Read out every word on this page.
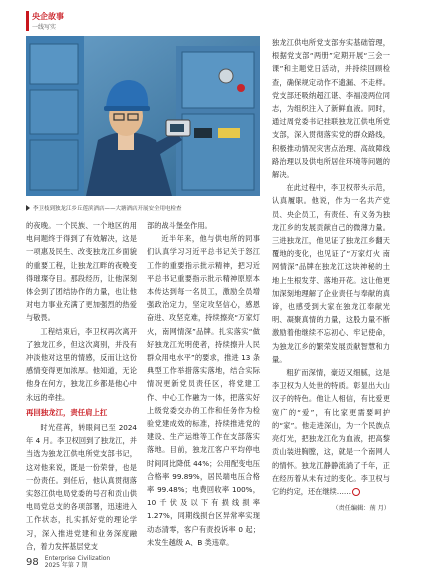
央企故事
一线写实
李卫枝到独龙江乡丘莲滨酒店——大塘酒店开展安全用电检查

的夜晚。一个民族、一个地区的用电问题终于得到了有效解决，这是一项惠及民生、改变独龙江乡面貌的重要工程，让独龙江畔的夜晚变得璀璨夺目。那段经历，让他深刻体会到了团结协作的力量，也让他对电力事业充满了更加强烈的热爱与敬畏。

工程结束后，李卫权再次离开了独龙江乡，但这次离别，并没有冲淡他对这里的情感，反而让这份感情变得更加浓厚。他知道，无论他身在何方，独龙江乡都是他心中永远的牵挂。

再回独龙江，责任肩上扛

时光荏苒，转眼间已至 2024 年 4 月。李卫权回到了独龙江，并当选为独龙江供电所党支部书记，这对他来说，既是一份荣誉，也是一份责任。到任后，他认真贯彻落实怒江供电局党委的号召和贡山供电局党总支的各项部署，迅速进入工作状态，扎实抓好党的理论学习，深入推进党建和业务深度融合，着力发挥基层党支

部的战斗堡垒作用。

近半年来，他与供电所的同事们认真学习习近平总书记关于怒江工作的重要指示批示精神，把习近平总书记重要指示批示精神原原本本传达到每一名员工，激励全员增强政治定力，坚定攻坚信心，感恩奋进、攻坚克难，持续擦亮“万家灯火，南网情深”品牌。扎实落实“做好独龙江光明使者，持续擦升人民群众用电水平”的要求，推进 13 条典型工作举措落实落地，结合实际情况更新党员责任区，将党建工作、中心工作融为一体，把落实好上级党委交办的工作和任务作为检验党建成效的标准，持续推进党的建设、生产运维等工作在支部落实落地。目前，独龙江客户平均停电时间同比降低 44%；公用配变电压合格率 99.89%，居民端电压合格率 99.48%；电费回收率 100%，10千伏及以下有损线损率 1.27%，同期线损台区异常率实现动态清零，客户有责投诉率 0 起；未发生越级 A、B 类违章。

独龙江供电所党支部夯实基础管理，根据党支部“两册”定期开展“三会一课”和主题党日活动，并持续回顾检查，确保规定动作不遗漏、不走样。党支部还吸纳超江谌、李福凌两位同志，为组织注入了新鲜血液。同时，通过周党委书记挂联独龙江供电所党支部，深入贯彻落实党的群众路线，积极推动情况灾害点治理、高故障线路治理以及供电所居住环境等问题的解决。

在此过程中，李卫权带头示范，认真履职。他说，作为一名共产党员、央企员工，有责任、有义务为独龙江乡的发展贡献自己的微薄力量。三进独龙江，他见证了独龙江乡翻天覆地的变化，也见证了“万家灯火 南网情深”品牌在独龙江这块神秘的土地上生根发芽、落地开花。这让他更加深刻地理解了企业责任与奉献的真谛，也感受到大家在独龙江奉献光明、凝聚真情的力量，这股力量不断激励着他继续不忘初心、牢记使命，为独龙江乡的繁荣发展贡献智慧和力量。

粗犷而深情，豪迈又细腻，这是李卫权为人处世的特质。彰显出大山汉子的特色。他让人相信，有比爱更宽广的“爱”，有比家更需要呵护的“家”。他走进深山，为一个民族点亮灯光，把独龙江化为血液，把高黎贡山装进胸膛，这，就是一个南网人的情怀。独龙江静静流淌了千年，正在经历着从未有过的变化。李卫权与它的约定，还在继续……

（责任编辑：荊 月）
98 Enterprise Civilization
2025 年第 7 期
